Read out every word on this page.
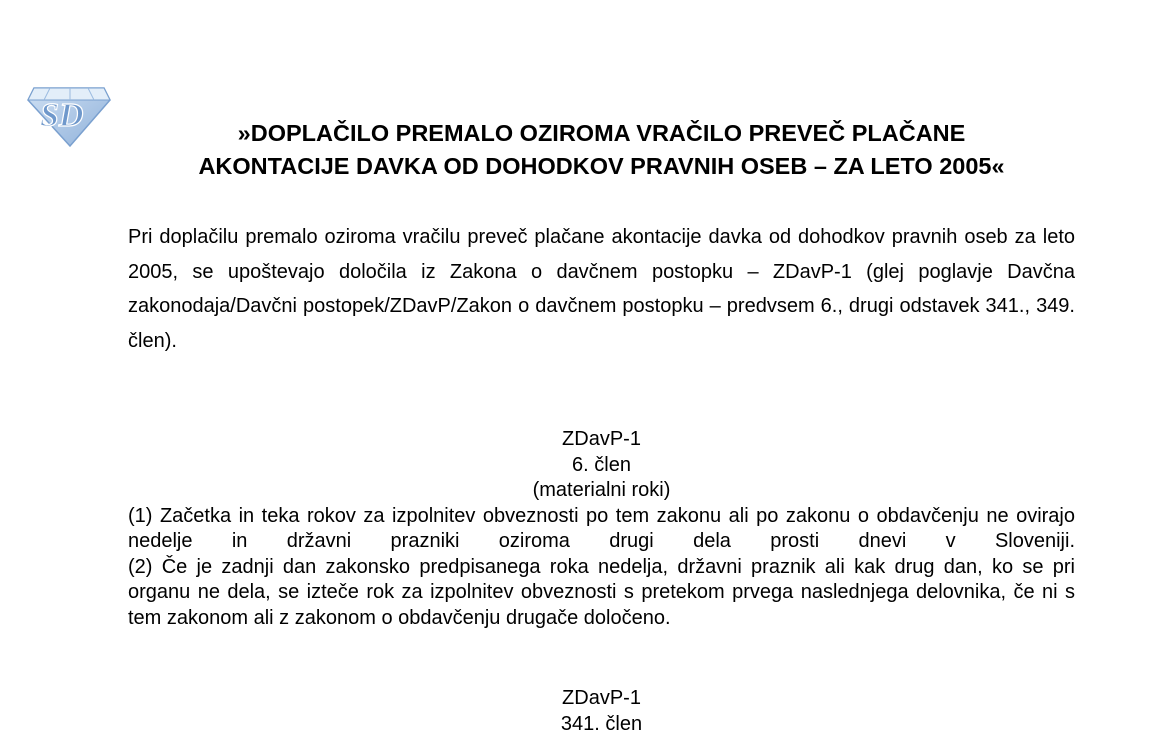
SD	»DOPLAČILO PREMALO OZIROMA VRAČILO PREVEČ PLAČANE
AKONTACIJE DAVKA OD DOHODKOV PRAVNIH OSEB – ZA LETO 2005«

Pri doplačilu premalo oziroma vračilu preveč plačane akontacije davka od dohodkov pravnih oseb za leto 2005, se upoštevajo določila iz Zakona o davčnem postopku – ZDavP-1 (glej poglavje Davčna zakonodaja/Davčni postopek/ZDavP/Zakon o davčnem postopku – predvsem 6., drugi odstavek 341., 349. člen).

ZDavP-1
6. člen
(materialni roki)

(1) Začetka in teka rokov za izpolnitev obveznosti po tem zakonu ali po zakonu o obdavčenju ne ovirajo nedelje in državni prazniki oziroma drugi dela prosti dnevi v Sloveniji.

(2) Če je zadnji dan zakonsko predpisanega roka nedelja, državni praznik ali kak drug dan, ko se pri organu ne dela, se izteče rok za izpolnitev obveznosti s pretekom prvega naslednjega delovnika, če ni s tem zakonom ali z zakonom o obdavčenju drugače določeno.

ZDavP-1
341. člen
